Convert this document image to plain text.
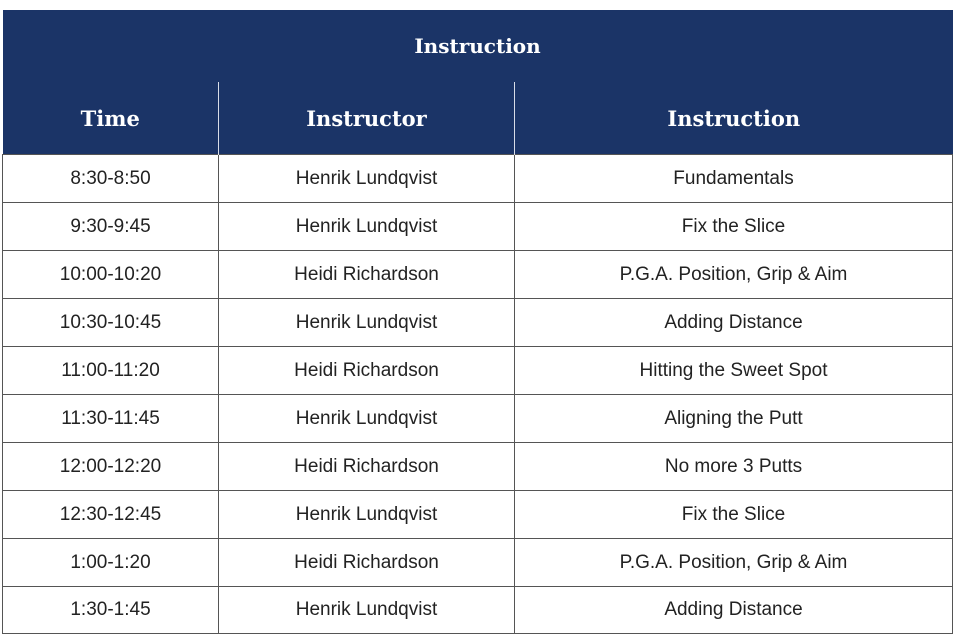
Instruction		
Time	Instructor	Instruction
8:30-8:50	Henrik Lundqvist	Fundamentals
9:30-9:45	Henrik Lundqvist	Fix the Slice
10:00-10:20	Heidi Richardson	P.G.A. Position, Grip & Aim
10:30-10:45	Henrik Lundqvist	Adding Distance
11:00-11:20	Heidi Richardson	Hitting the Sweet Spot
11:30-11:45	Henrik Lundqvist	Aligning the Putt
12:00-12:20	Heidi Richardson	No more 3 Putts
12:30-12:45	Henrik Lundqvist	Fix the Slice
1:00-1:20	Heidi Richardson	P.G.A. Position, Grip & Aim
1:30-1:45	Henrik Lundqvist	Adding Distance
